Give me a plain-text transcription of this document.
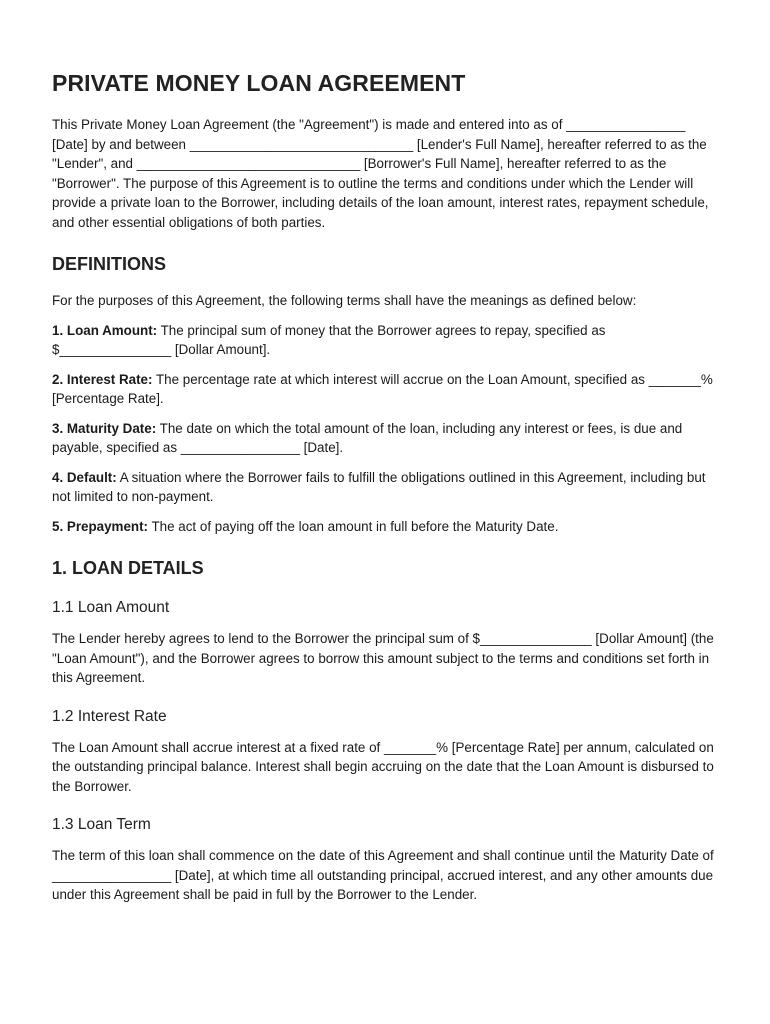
PRIVATE MONEY LOAN AGREEMENT

This Private Money Loan Agreement (the "Agreement") is made and entered into as of ________________ [Date] by and between ______________________________ [Lender's Full Name], hereafter referred to as the "Lender", and ______________________________ [Borrower's Full Name], hereafter referred to as the "Borrower". The purpose of this Agreement is to outline the terms and conditions under which the Lender will provide a private loan to the Borrower, including details of the loan amount, interest rates, repayment schedule, and other essential obligations of both parties.

DEFINITIONS

For the purposes of this Agreement, the following terms shall have the meanings as defined below:

1. Loan Amount: The principal sum of money that the Borrower agrees to repay, specified as $_______________ [Dollar Amount].

2. Interest Rate: The percentage rate at which interest will accrue on the Loan Amount, specified as _______% [Percentage Rate].

3. Maturity Date: The date on which the total amount of the loan, including any interest or fees, is due and payable, specified as ________________ [Date].

4. Default: A situation where the Borrower fails to fulfill the obligations outlined in this Agreement, including but not limited to non-payment.

5. Prepayment: The act of paying off the loan amount in full before the Maturity Date.

1. LOAN DETAILS
1.1 Loan Amount

The Lender hereby agrees to lend to the Borrower the principal sum of $_______________ [Dollar Amount] (the "Loan Amount"), and the Borrower agrees to borrow this amount subject to the terms and conditions set forth in this Agreement.

1.2 Interest Rate

The Loan Amount shall accrue interest at a fixed rate of _______% [Percentage Rate] per annum, calculated on the outstanding principal balance. Interest shall begin accruing on the date that the Loan Amount is disbursed to the Borrower.

1.3 Loan Term

The term of this loan shall commence on the date of this Agreement and shall continue until the Maturity Date of ________________ [Date], at which time all outstanding principal, accrued interest, and any other amounts due under this Agreement shall be paid in full by the Borrower to the Lender.
